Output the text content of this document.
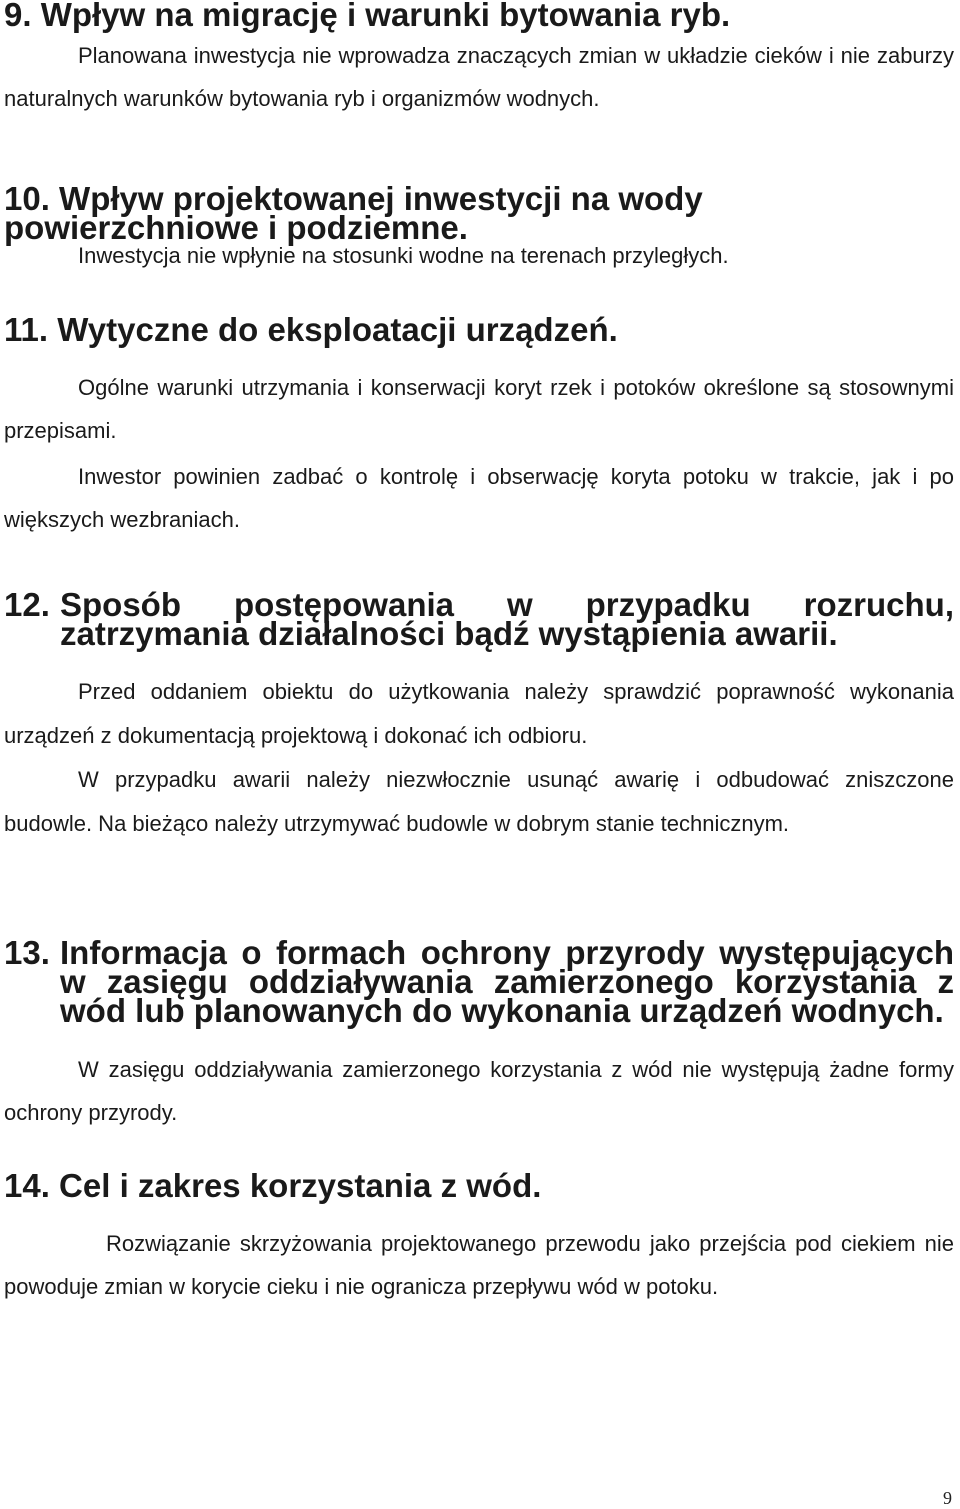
9. Wpływ na migrację i warunki bytowania ryb.

Planowana inwestycja nie wprowadza znaczących zmian w układzie cieków i nie zaburzy naturalnych warunków bytowania ryb i organizmów wodnych.

10. Wpływ projektowanej inwestycji na wody powierzchniowe i podziemne.

Inwestycja nie wpłynie na stosunki wodne na terenach przyległych.

11. Wytyczne do eksploatacji urządzeń.

Ogólne warunki utrzymania i konserwacji koryt rzek i potoków określone są stosownymi przepisami.

Inwestor powinien zadbać o kontrolę i obserwację koryta potoku w trakcie, jak i po większych wezbraniach.

12. Sposób postępowania w przypadku rozruchu, zatrzymania działalności bądź wystąpienia awarii.

Przed oddaniem obiektu do użytkowania należy sprawdzić poprawność wykonania urządzeń z dokumentacją projektową i dokonać ich odbioru.

W przypadku awarii należy niezwłocznie usunąć awarię i odbudować zniszczone budowle. Na bieżąco należy utrzymywać budowle w dobrym stanie technicznym.

13. Informacja o formach ochrony przyrody występujących w zasięgu oddziaływania zamierzonego korzystania z wód lub planowanych do wykonania urządzeń wodnych.

W zasięgu oddziaływania zamierzonego korzystania z wód nie występują żadne formy ochrony przyrody.

14. Cel i zakres korzystania z wód.

Rozwiązanie skrzyżowania projektowanego przewodu jako przejścia pod ciekiem nie powoduje zmian w korycie cieku i nie ogranicza przepływu wód w potoku.

9
